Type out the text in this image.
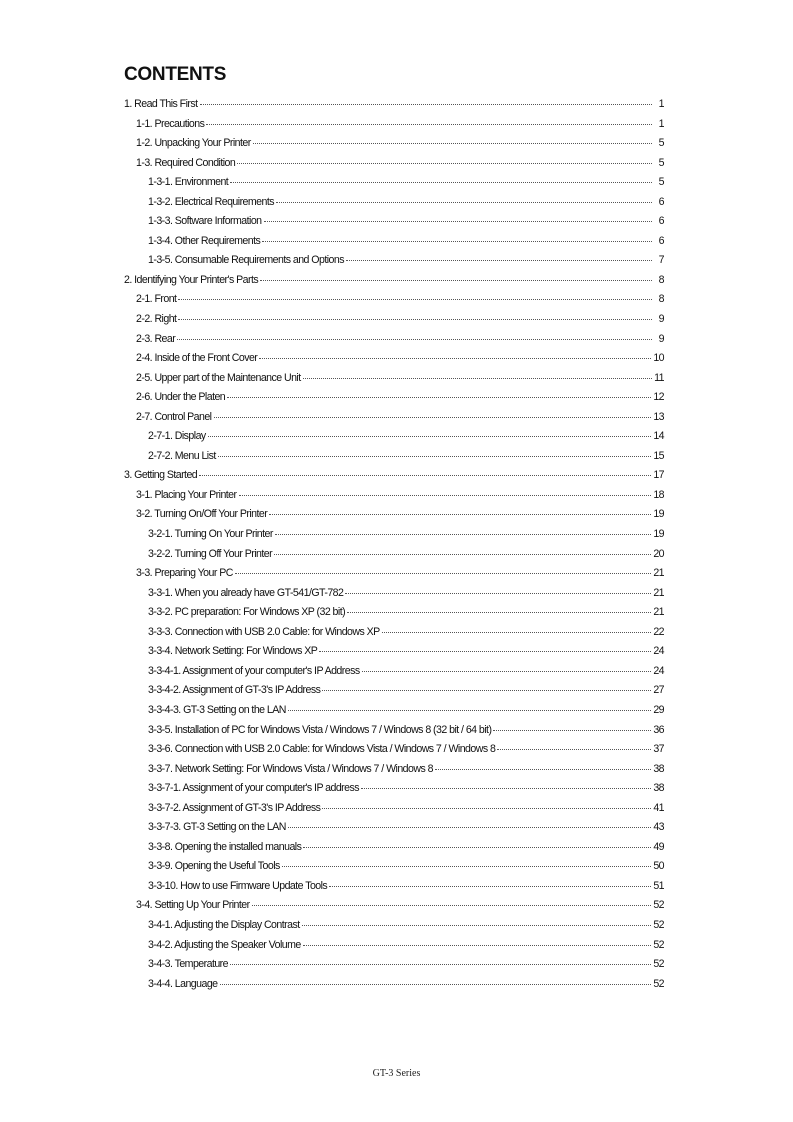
CONTENTS
1. Read This First	1
1-1. Precautions	1
1-2. Unpacking Your Printer	5
1-3. Required Condition	5
1-3-1. Environment	5
1-3-2. Electrical Requirements	6
1-3-3. Software Information	6
1-3-4. Other Requirements	6
1-3-5. Consumable Requirements and Options	7
2. Identifying Your Printer's Parts	8
2-1. Front	8
2-2. Right	9
2-3. Rear	9
2-4. Inside of the Front Cover	10
2-5. Upper part of the Maintenance Unit	11
2-6. Under the Platen	12
2-7. Control Panel	13
2-7-1. Display	14
2-7-2. Menu List	15
3. Getting Started	17
3-1. Placing Your Printer	18
3-2. Turning On/Off Your Printer	19
3-2-1. Turning On Your Printer	19
3-2-2. Turning Off Your Printer	20
3-3. Preparing Your PC	21
3-3-1. When you already have GT-541/GT-782	21
3-3-2. PC preparation: For Windows XP (32 bit)	21
3-3-3. Connection with USB 2.0 Cable: for Windows XP	22
3-3-4. Network Setting: For Windows XP	24
3-3-4-1. Assignment of your computer's IP Address	24
3-3-4-2. Assignment of GT-3's IP Address	27
3-3-4-3. GT-3 Setting on the LAN	29
3-3-5. Installation of PC for Windows Vista / Windows 7 / Windows 8 (32 bit / 64 bit)	36
3-3-6. Connection with USB 2.0 Cable: for Windows Vista / Windows 7 / Windows 8	37
3-3-7. Network Setting: For Windows Vista / Windows 7 / Windows 8	38
3-3-7-1. Assignment of your computer's IP address	38
3-3-7-2. Assignment of GT-3's IP Address	41
3-3-7-3. GT-3 Setting on the LAN	43
3-3-8. Opening the installed manuals	49
3-3-9. Opening the Useful Tools	50
3-3-10. How to use Firmware Update Tools	51
3-4. Setting Up Your Printer	52
3-4-1. Adjusting the Display Contrast	52
3-4-2. Adjusting the Speaker Volume	52
3-4-3. Temperature	52
3-4-4. Language	52
GT-3 Series
